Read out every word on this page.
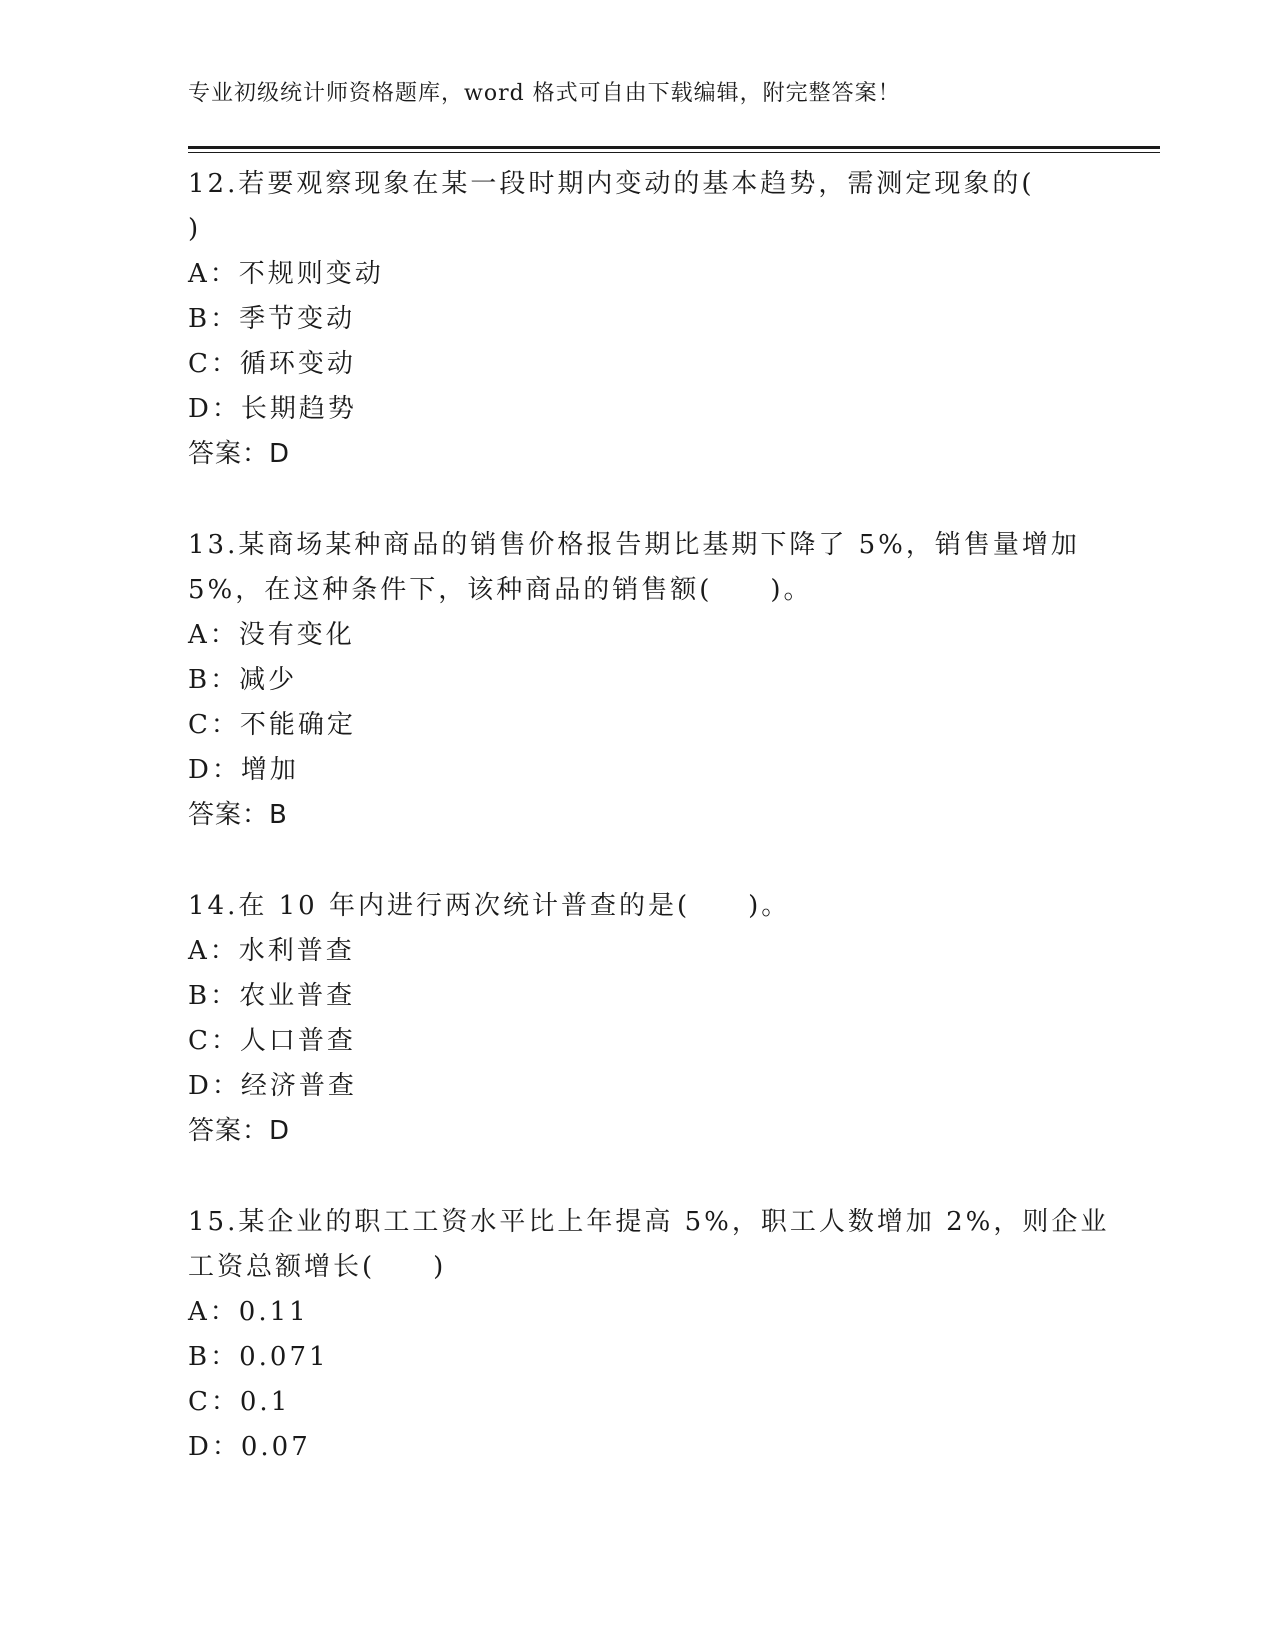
专业初级统计师资格题库，word 格式可自由下载编辑，附完整答案！
12.若要观察现象在某一段时期内变动的基本趋势，需测定现象的(
)
A：不规则变动
B：季节变动
C：循环变动
D：长期趋势
答案：D
13.某商场某种商品的销售价格报告期比基期下降了 5%，销售量增加
5%，在这种条件下，该种商品的销售额(　　)。
A：没有变化
B：减少
C：不能确定
D：增加
答案：B
14.在 10 年内进行两次统计普查的是(　　)。
A：水利普查
B：农业普查
C：人口普查
D：经济普查
答案：D
15.某企业的职工工资水平比上年提高 5%，职工人数增加 2%，则企业
工资总额增长(　　)
A：0.11
B：0.071
C：0.1
D：0.07
